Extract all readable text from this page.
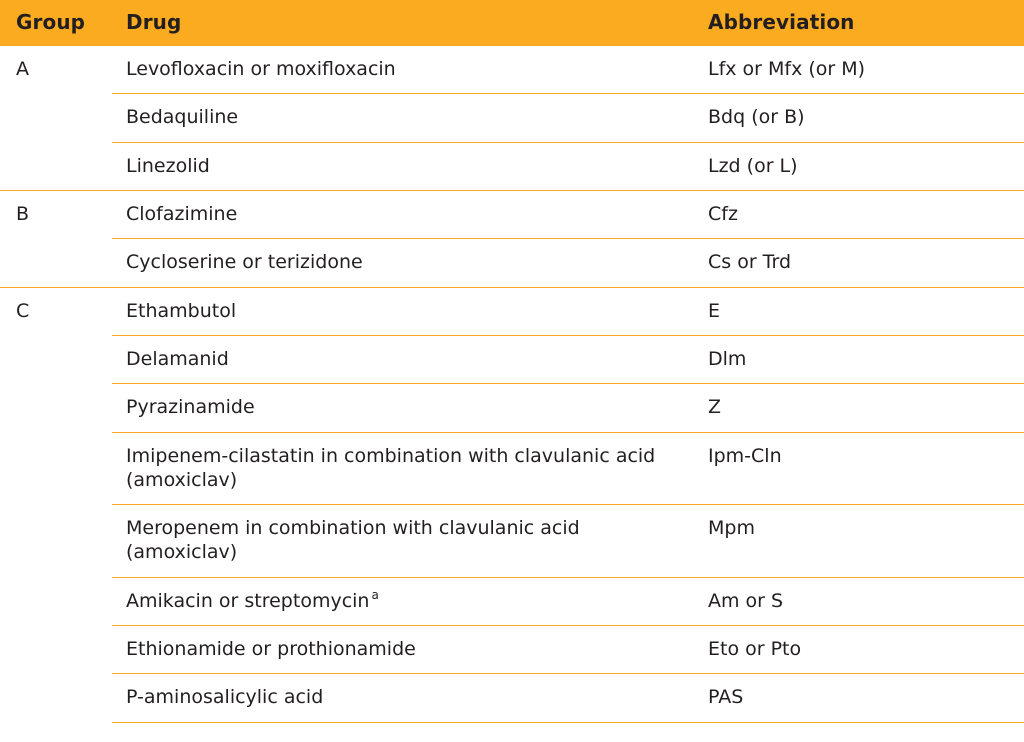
Group	Drug	Abbreviation
A	Levofloxacin or moxifloxacin	Lfx or Mfx (or M)
	Bedaquiline	Bdq (or B)
	Linezolid	Lzd (or L)
B	Clofazimine	Cfz
	Cycloserine or terizidone	Cs or Trd
C	Ethambutol	E
	Delamanid	Dlm
	Pyrazinamide	Z
	Imipenem-cilastatin in combination with clavulanic acid (amoxiclav)	Ipm-Cln
	Meropenem in combination with clavulanic acid (amoxiclav)	Mpm
	Amikacin or streptomycin $^a$	Am or S
	Ethionamide or prothionamide	Eto or Pto
	P-aminosalicylic acid	PAS
